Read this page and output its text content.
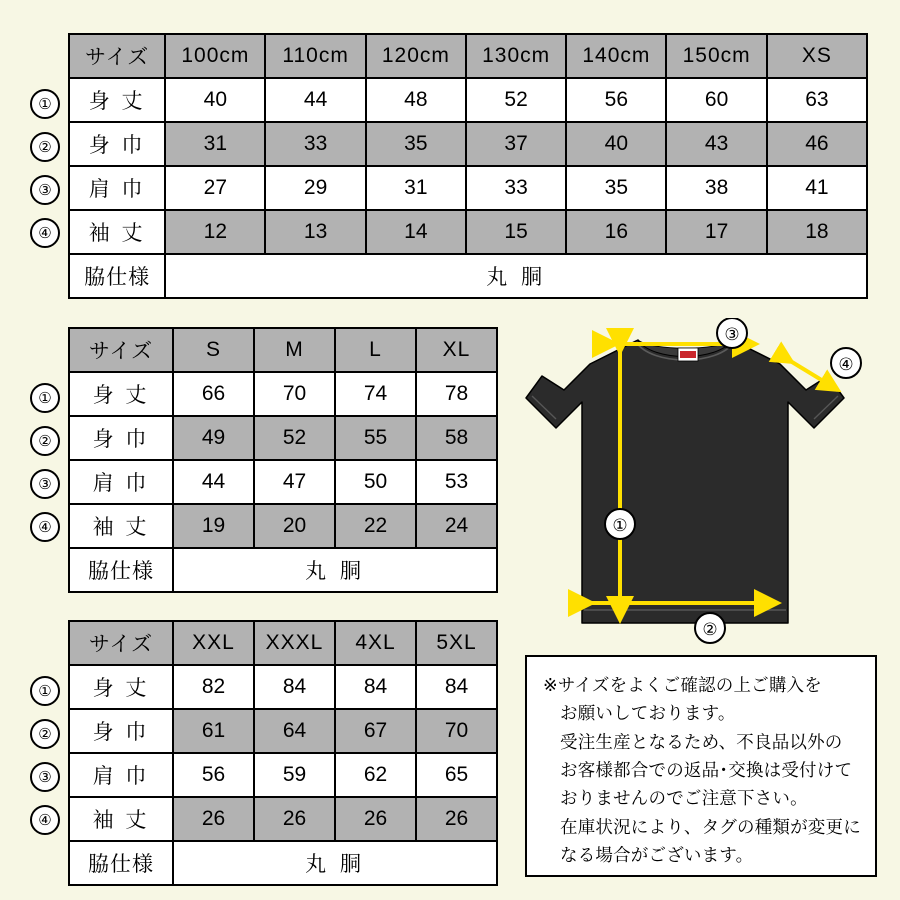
サイズ	100cm	110cm	120cm	130cm	140cm	150cm	XS
身 丈	40	44	48	52	56	60	63
身 巾	31	33	35	37	40	43	46
肩 巾	27	29	31	33	35	38	41
袖 丈	12	13	14	15	16	17	18
脇仕様	丸 胴						
①
②
③
④
サイズ	S	M	L	XL
身 丈	66	70	74	78
身 巾	49	52	55	58
肩 巾	44	47	50	53
袖 丈	19	20	22	24
脇仕様	丸 胴			
①
②
③
④
サイズ	XXL	XXXL	4XL	5XL
身 丈	82	84	84	84
身 巾	61	64	67	70
肩 巾	56	59	62	65
袖 丈	26	26	26	26
脇仕様	丸 胴			
①
②
③
④
③
④
①
②

※サイズをよくご確認の上ご購入を

お願いしております。

受注生産となるため、不良品以外の

お客様都合での返品･交換は受付けて

おりませんのでご注意下さい。

在庫状況により、タグの種類が変更に

なる場合がございます。
